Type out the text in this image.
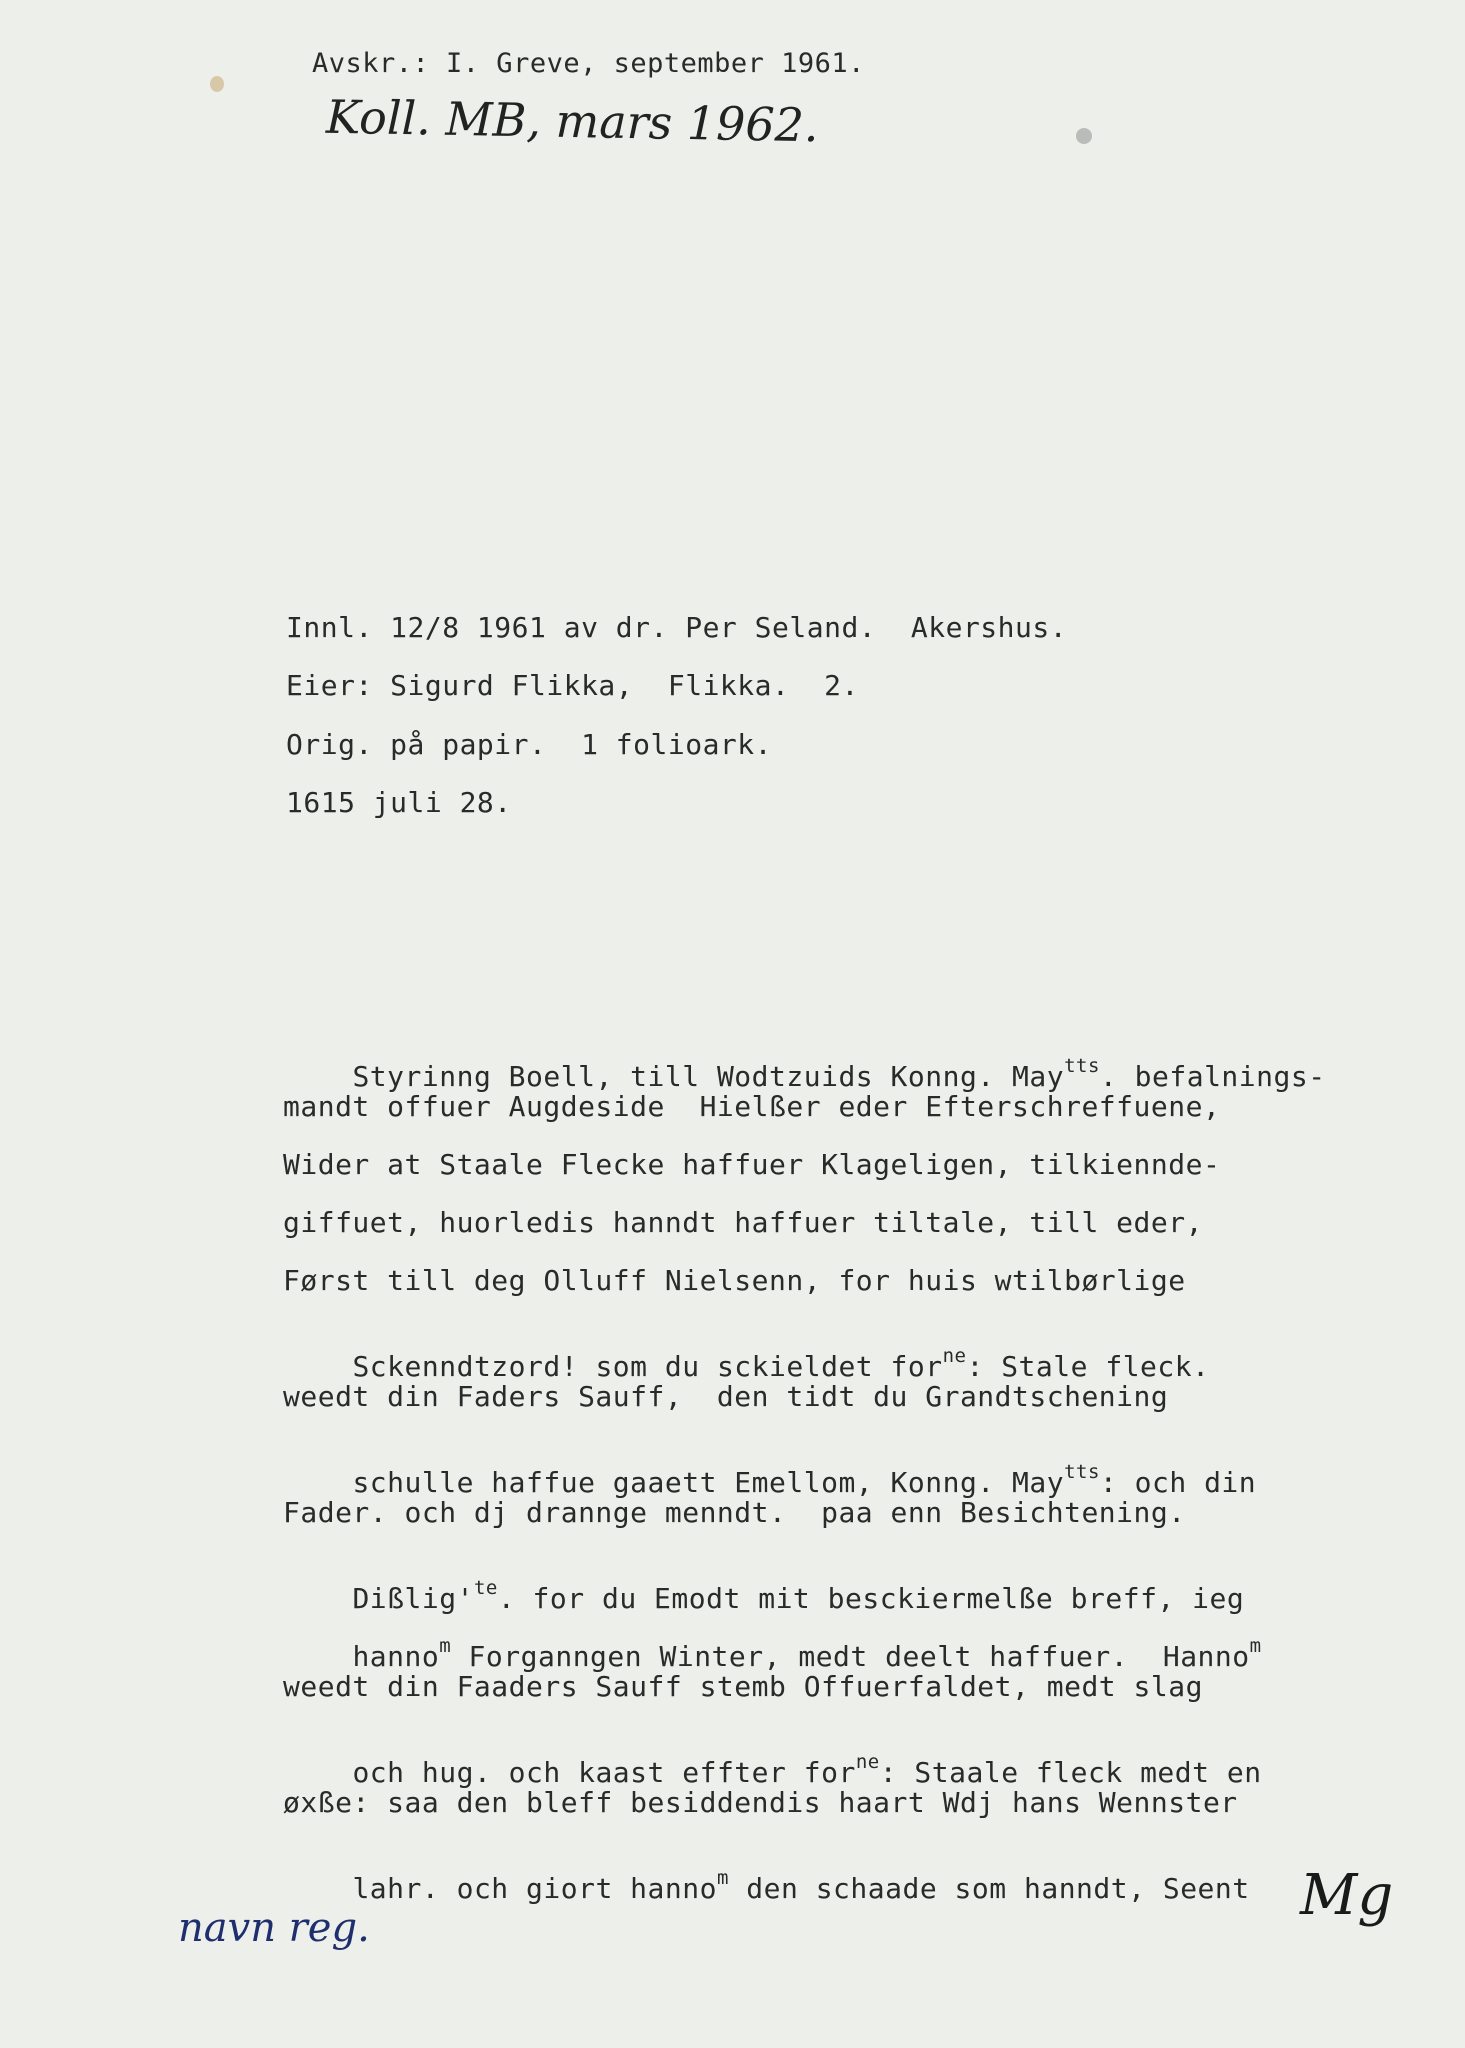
Avskr.: I. Greve, september 1961.
Koll. MB, mars 1962.
Innl. 12/8 1961 av dr. Per Seland.  Akershus.
Eier: Sigurd Flikka,  Flikka.  2.
Orig. på papir.  1 folioark.
1615 juli 28.

Styrinng Boell, till Wodtzuids Konng. May$^{tts}$. befalnings-

mandt offuer Augdeside  Hielßer eder Efterschreffuene,
Wider at Staale Flecke haffuer Klageligen, tilkiennde-
giffuet, huorledis hanndt haffuer tiltale, till eder,
Først till deg Olluff Nielsenn, for huis wtilbørlige

Sckenndtzord! som du sckieldet for$^{ne}$: Stale fleck.

weedt din Faders Sauff,  den tidt du Grandtschening

schulle haffue gaaett Emellom, Konng. May$^{tts}$: och din

Fader. och dj dranngе menndt.  paa enn Besichtening.

$Dißlig'^{te}$. for du Emodt mit besckiermelße breff, ieg

hanno$^m$ Forganngen Winter, medt deelt haffuer.  Hanno$^m$

weedt din Faaders Sauff stemb Offuerfaldet, medt slag

och hug. och kaast effter for$^{ne}$: Staale fleck medt en

øxße: saa den bleff besiddendis haart Wdj hans Wennster

lahr. och giort hanno$^m$ den schaade som hanndt, Seent

navn reg.	Mg
